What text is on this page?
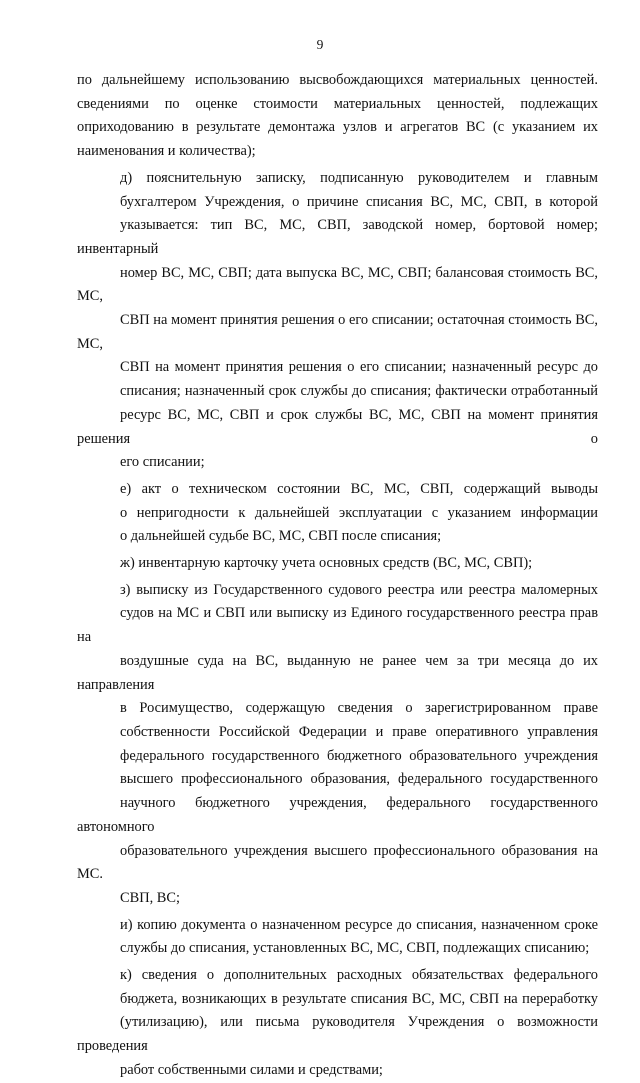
9

по дальнейшему использованию высвобождающихся материальных ценностей.
сведениями по оценке стоимости материальных ценностей, подлежащих
оприходованию в результате демонтажа узлов и агрегатов ВС (с указанием их
наименования и количества);

д) пояснительную записку, подписанную руководителем и главным
бухгалтером Учреждения, о причине списания ВС, МС, СВП, в которой
указывается: тип ВС, МС, СВП, заводской номер, бортовой номер; инвентарный
номер ВС, МС, СВП; дата выпуска ВС, МС, СВП; балансовая стоимость ВС, МС,
СВП на момент принятия решения о его списании; остаточная стоимость ВС, МС,
СВП на момент принятия решения о его списании; назначенный ресурс до
списания; назначенный срок службы до списания; фактически отработанный
ресурс ВС, МС, СВП и срок службы ВС, МС, СВП на момент принятия решения о
его списании;

е) акт о техническом состоянии ВС, МС, СВП, содержащий выводы
о непригодности к дальнейшей эксплуатации с указанием информации
о дальнейшей судьбе ВС, МС, СВП после списания;

ж) инвентарную карточку учета основных средств (ВС, МС, СВП);

з) выписку из Государственного судового реестра или реестра маломерных
судов на МС и СВП или выписку из Единого государственного реестра прав на
воздушные суда на ВС, выданную не ранее чем за три месяца до их направления
в Росимущество, содержащую сведения о зарегистрированном праве
собственности Российской Федерации и праве оперативного управления
федерального государственного бюджетного образовательного учреждения
высшего профессионального образования, федерального государственного
научного бюджетного учреждения, федерального государственного автономного
образовательного учреждения высшего профессионального образования на МС.
СВП, ВС;

и) копию документа о назначенном ресурсе до списания, назначенном сроке
службы до списания, установленных ВС, МС, СВП, подлежащих списанию;

к) сведения о дополнительных расходных обязательствах федерального
бюджета, возникающих в результате списания ВС, МС, СВП на переработку
(утилизацию), или письма руководителя Учреждения о возможности проведения
работ собственными силами и средствами;
